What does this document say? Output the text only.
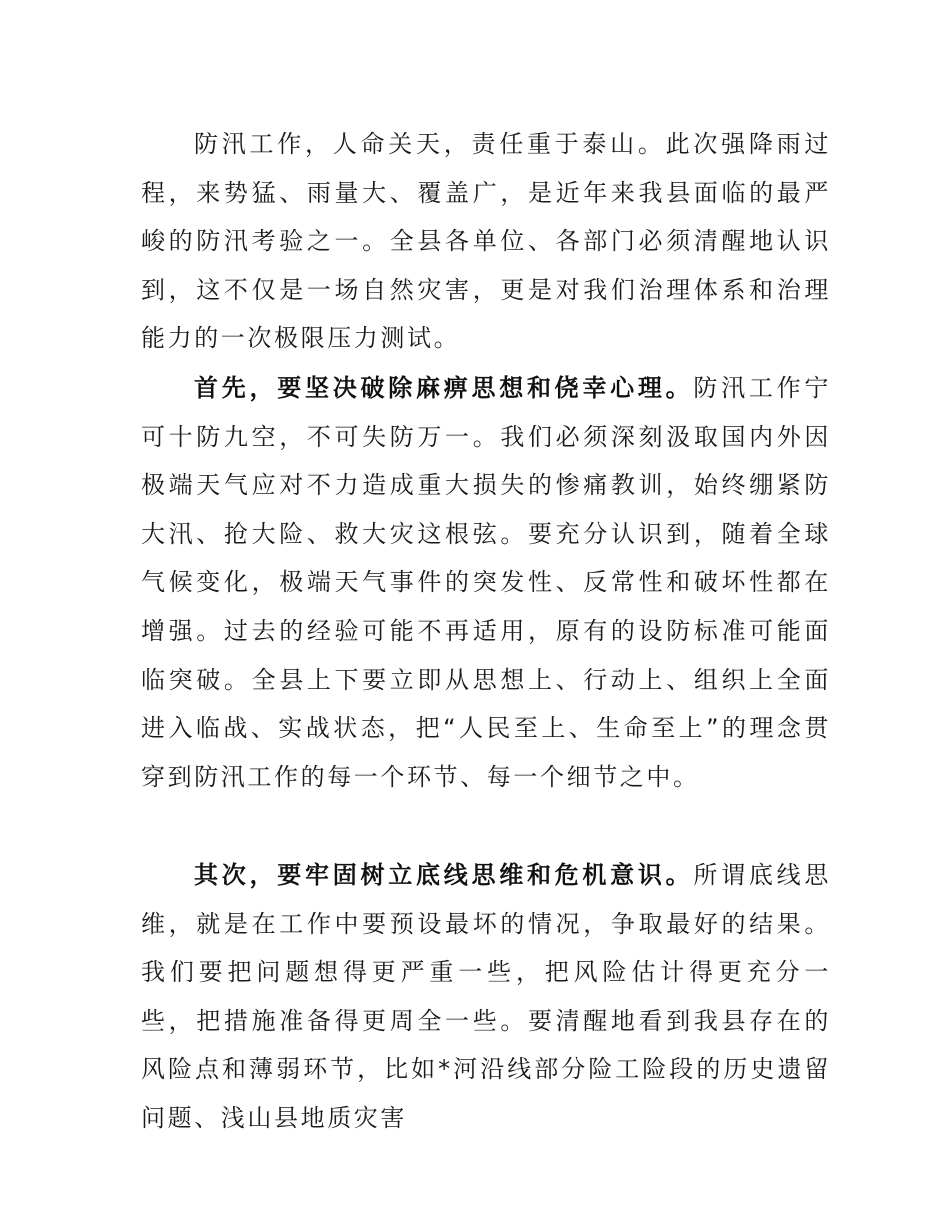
防汛工作，人命关天，责任重于泰山。此次强降雨过程，来势猛、雨量大、覆盖广，是近年来我县面临的最严峻的防汛考验之一。全县各单位、各部门必须清醒地认识到，这不仅是一场自然灾害，更是对我们治理体系和治理能力的一次极限压力测试。

首先，要坚决破除麻痹思想和侥幸心理。防汛工作宁可十防九空，不可失防万一。我们必须深刻汲取国内外因极端天气应对不力造成重大损失的惨痛教训，始终绷紧防大汛、抢大险、救大灾这根弦。要充分认识到，随着全球气候变化，极端天气事件的突发性、反常性和破坏性都在增强。过去的经验可能不再适用，原有的设防标准可能面临突破。全县上下要立即从思想上、行动上、组织上全面进入临战、实战状态，把“人民至上、生命至上”的理念贯穿到防汛工作的每一个环节、每一个细节之中。

其次，要牢固树立底线思维和危机意识。所谓底线思维，就是在工作中要预设最坏的情况，争取最好的结果。我们要把问题想得更严重一些，把风险估计得更充分一些，把措施准备得更周全一些。要清醒地看到我县存在的风险点和薄弱环节，比如*河沿线部分险工险段的历史遗留问题、浅山县地质灾害
